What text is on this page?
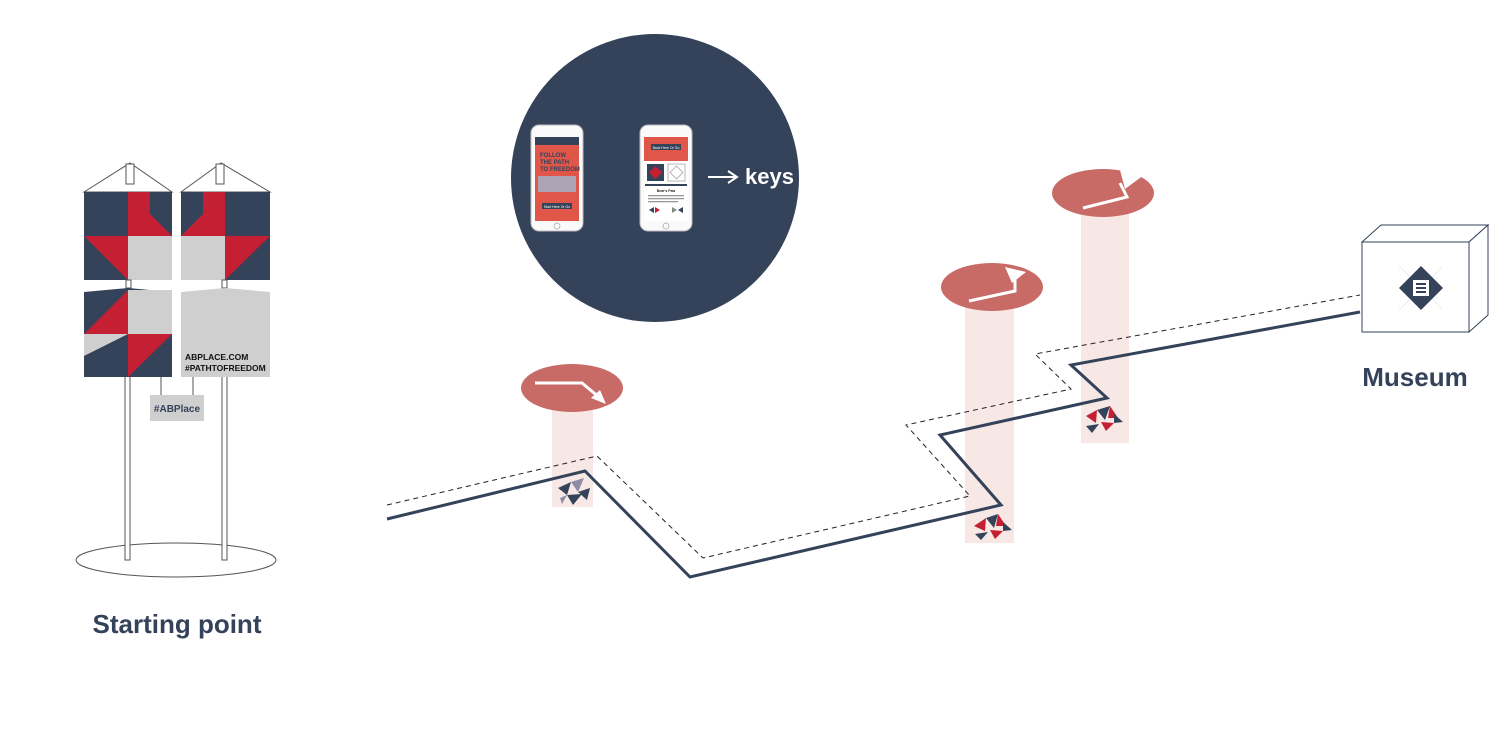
ABPLACE.COM
#PATHTOFREEDOM
#ABPlace
Starting point
FOLLOW
THE PATH
TO FREEDOM
Start Here Or Go
Back Here Or Go
Bear's Paw
keys
Museum
